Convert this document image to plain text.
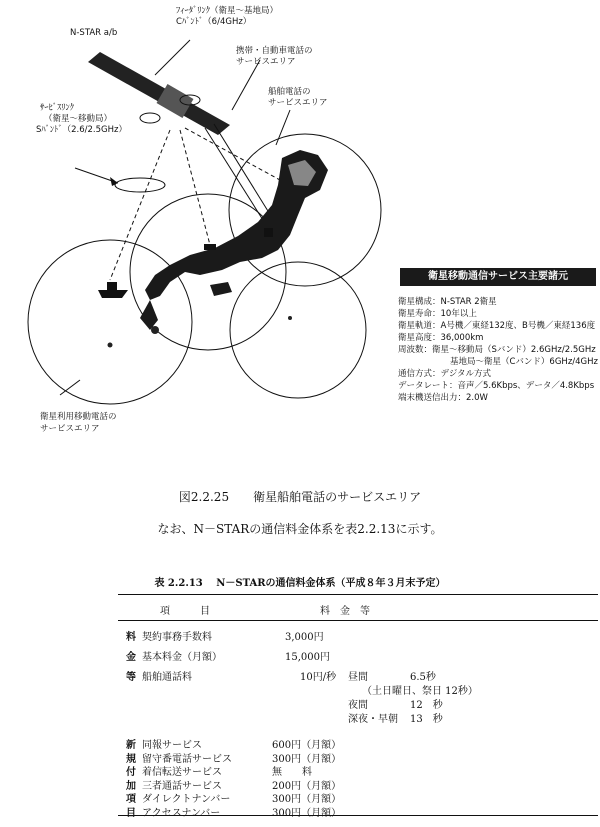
N-STAR a/b
ﾌｨｰﾀﾞﾘﾝｸ（衛星～基地局）
Cﾊﾞﾝﾄﾞ（6/4GHz）
ｻｰﾋﾞｽﾘﾝｸ
（衛星～移動局）
Sﾊﾞﾝﾄﾞ（2.6/2.5GHz）
携帯・自動車電話の
サービスエリア
船舶電話の
サービスエリア
衛星利用移動電話の
サービスエリア
衛星移動通信サービス主要諸元
衛星構成：N-STAR 2衛星
衛星寿命：10年以上
衛星軌道：A号機／東経132度、B号機／東経136度
衛星高度：36,000km
周波数：衛星～移動局（Sバンド）2.6GHz/2.5GHz
基地局～衛星（Cバンド）6GHz/4GHz
通信方式：デジタル方式
データレート：音声／5.6Kbps、データ／4.8Kbps
端末機送信出力：2.0W
図2.2.25　　衛星船舶電話のサービスエリア
なお、N－STARの通信料金体系を表2.2.13に示す。
表 2.2.13　 N－STARの通信料金体系（平成８年３月末予定）
項　　　目	料　金　等
料
金
等
契約事務手数料	3,000円
基本料金（月額）	15,000円
船舶通話料	10円/秒 昼間	6.5秒
（土日曜日、祭日 12秒）
夜間	12　秒
深夜・早朝 13　秒
新
規
付
加
項
目
同報サービス	600円（月額）
留守番電話サービス	300円（月額）
着信転送サービス	無　　料
三者通話サービス	200円（月額）
ダイレクトナンバー	300円（月額）
アクセスナンバー	300円（月額）
